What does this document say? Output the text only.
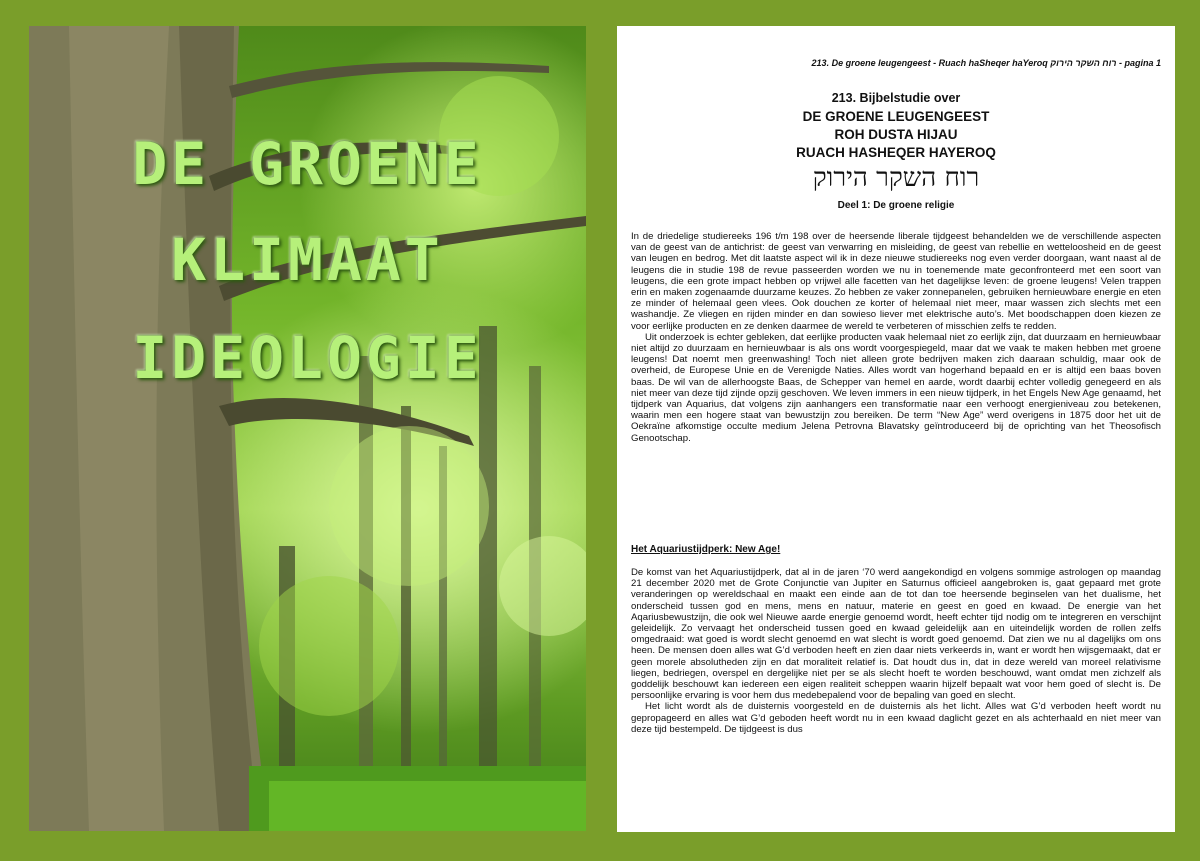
DE GROENE
KLIMAAT
IDEOLOGIE
213. De groene leugengeest - Ruach haSheqer haYeroq רוח השקר הירוק - pagina 1
213. Bijbelstudie over
DE GROENE LEUGENGEEST
ROH DUSTA HIJAU
RUACH HASHEQER HAYEROQ
רוח השקר הירוק
Deel 1: De groene religie

In de driedelige studiereeks 196 t/m 198 over de heersende liberale tijdgeest behandelden we de verschillende aspecten van de geest van de antichrist: de geest van verwarring en misleiding, de geest van rebellie en wetteloosheid en de geest van leugen en bedrog. Met dit laatste aspect wil ik in deze nieuwe studiereeks nog even verder doorgaan, want naast al de leugens die in studie 198 de revue passeerden worden we nu in toenemende mate geconfronteerd met een soort van leugens, die een grote impact hebben op vrijwel alle facetten van het dagelijkse leven: de groene leugens! Velen trappen erin en maken zogenaamde duurzame keuzes. Zo hebben ze vaker zonnepanelen, gebruiken hernieuwbare energie en eten ze minder of helemaal geen vlees. Ook douchen ze korter of helemaal niet meer, maar wassen zich slechts met een washandje. Ze vliegen en rijden minder en dan sowieso liever met elektrische auto’s. Met boodschappen doen kiezen ze voor eerlijke producten en ze denken daarmee de wereld te verbeteren of misschien zelfs te redden.

Uit onderzoek is echter gebleken, dat eerlijke producten vaak helemaal niet zo eerlijk zijn, dat duurzaam en hernieuwbaar niet altijd zo duurzaam en hernieuwbaar is als ons wordt voorgespiegeld, maar dat we vaak te maken hebben met groene leugens! Dat noemt men greenwashing! Toch niet alleen grote bedrijven maken zich daaraan schuldig, maar ook de overheid, de Europese Unie en de Verenigde Naties. Alles wordt van hogerhand bepaald en er is altijd een baas boven baas. De wil van de allerhoogste Baas, de Schepper van hemel en aarde, wordt daarbij echter volledig genegeerd en als niet meer van deze tijd zijnde opzij geschoven. We leven immers in een nieuw tijdperk, in het Engels New Age genaamd, het tijdperk van Aquarius, dat volgens zijn aanhangers een transformatie naar een verhoogt energieniveau zou betekenen, waarin men een hogere staat van bewustzijn zou bereiken. De term “New Age” werd overigens in 1875 door het uit de Oekraïne afkomstige occulte medium Jelena Petrovna Blavatsky geïntroduceerd bij de oprichting van het Theosofisch Genootschap.

Het Aquariustijdperk: New Age!

De komst van het Aquariustijdperk, dat al in de jaren ‘70 werd aangekondigd en volgens sommige astrologen op maandag 21 december 2020 met de Grote Conjunctie van Jupiter en Saturnus officieel aangebroken is, gaat gepaard met grote veranderingen op wereldschaal en maakt een einde aan de tot dan toe heersende beginselen van het dualisme, het onderscheid tussen god en mens, mens en natuur, materie en geest en goed en kwaad. De energie van het Aqariusbewustzijn, die ook wel Nieuwe aarde energie genoemd wordt, heeft echter tijd nodig om te integreren en verschijnt geleidelijk. Zo vervaagt het onderscheid tussen goed en kwaad geleidelijk aan en uiteindelijk worden de rollen zelfs omgedraaid: wat goed is wordt slecht genoemd en wat slecht is wordt goed genoemd. Dat zien we nu al dagelijks om ons heen. De mensen doen alles wat G’d verboden heeft en zien daar niets verkeerds in, want er wordt hen wijsgemaakt, dat er geen morele absolutheden zijn en dat moraliteit relatief is. Dat houdt dus in, dat in deze wereld van moreel relativisme liegen, bedriegen, overspel en dergelijke niet per se als slecht hoeft te worden beschouwd, want omdat men zichzelf als goddelijk beschouwt kan iedereen een eigen realiteit scheppen waarin hijzelf bepaalt wat voor hem goed of slecht is. De persoonlijke ervaring is voor hem dus medebepalend voor de bepaling van goed en slecht.

Het licht wordt als de duisternis voorgesteld en de duisternis als het licht. Alles wat G’d verboden heeft wordt nu gepropageerd en alles wat G’d geboden heeft wordt nu in een kwaad daglicht gezet en als achterhaald en niet meer van deze tijd bestempeld. De tijdgeest is dus
